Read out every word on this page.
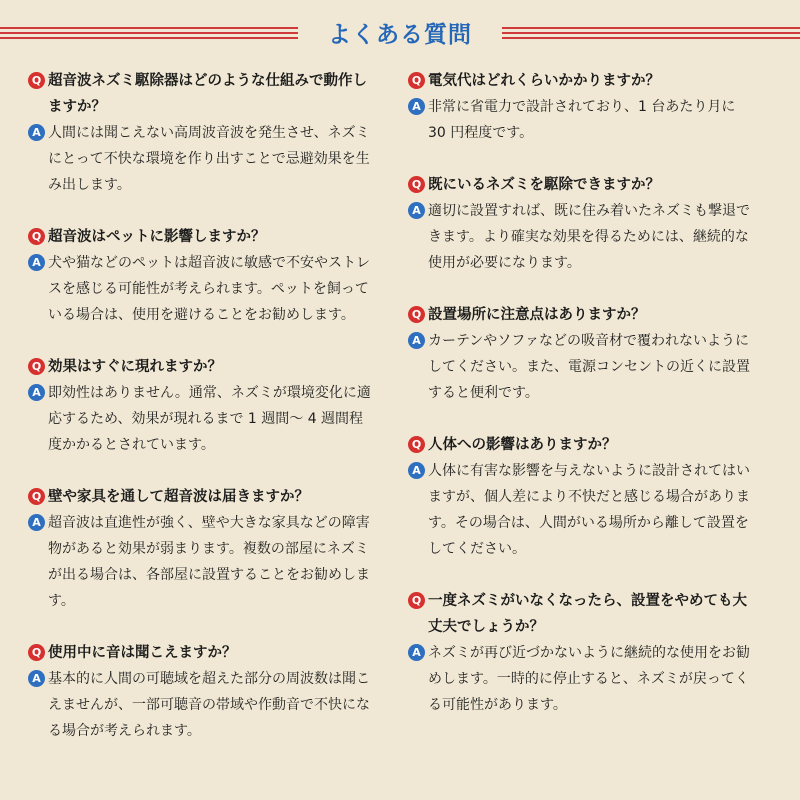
よくある質問
Q 超音波ネズミ駆除器はどのような仕組みで動作しますか？
A 人間には聞こえない高周波音波を発生させ、ネズミにとって不快な環境を作り出すことで忌避効果を生み出します。
Q 超音波はペットに影響しますか？
A 犬や猫などのペットは超音波に敏感で不安やストレスを感じる可能性が考えられます。ペットを飼っている場合は、使用を避けることをお勧めします。
Q 効果はすぐに現れますか？
A 即効性はありません。通常、ネズミが環境変化に適応するため、効果が現れるまで 1 週間〜 4 週間程度かかるとされています。
Q 壁や家具を通して超音波は届きますか？
A 超音波は直進性が強く、壁や大きな家具などの障害物があると効果が弱まります。複数の部屋にネズミが出る場合は、各部屋に設置することをお勧めします。
Q 使用中に音は聞こえますか？
A 基本的に人間の可聴域を超えた部分の周波数は聞こえませんが、一部可聴音の帯域や作動音で不快になる場合が考えられます。
Q 電気代はどれくらいかかりますか？
A 非常に省電力で設計されており、1 台あたり月に 30 円程度です。
Q 既にいるネズミを駆除できますか？
A 適切に設置すれば、既に住み着いたネズミも撃退できます。より確実な効果を得るためには、継続的な使用が必要になります。
Q 設置場所に注意点はありますか？
A カーテンやソファなどの吸音材で覆われないようにしてください。また、電源コンセントの近くに設置すると便利です。
Q 人体への影響はありますか？
A 人体に有害な影響を与えないように設計されてはいますが、個人差により不快だと感じる場合があります。その場合は、人間がいる場所から離して設置をしてください。
Q 一度ネズミがいなくなったら、設置をやめても大丈夫でしょうか？
A ネズミが再び近づかないように継続的な使用をお勧めします。一時的に停止すると、ネズミが戻ってくる可能性があります。
